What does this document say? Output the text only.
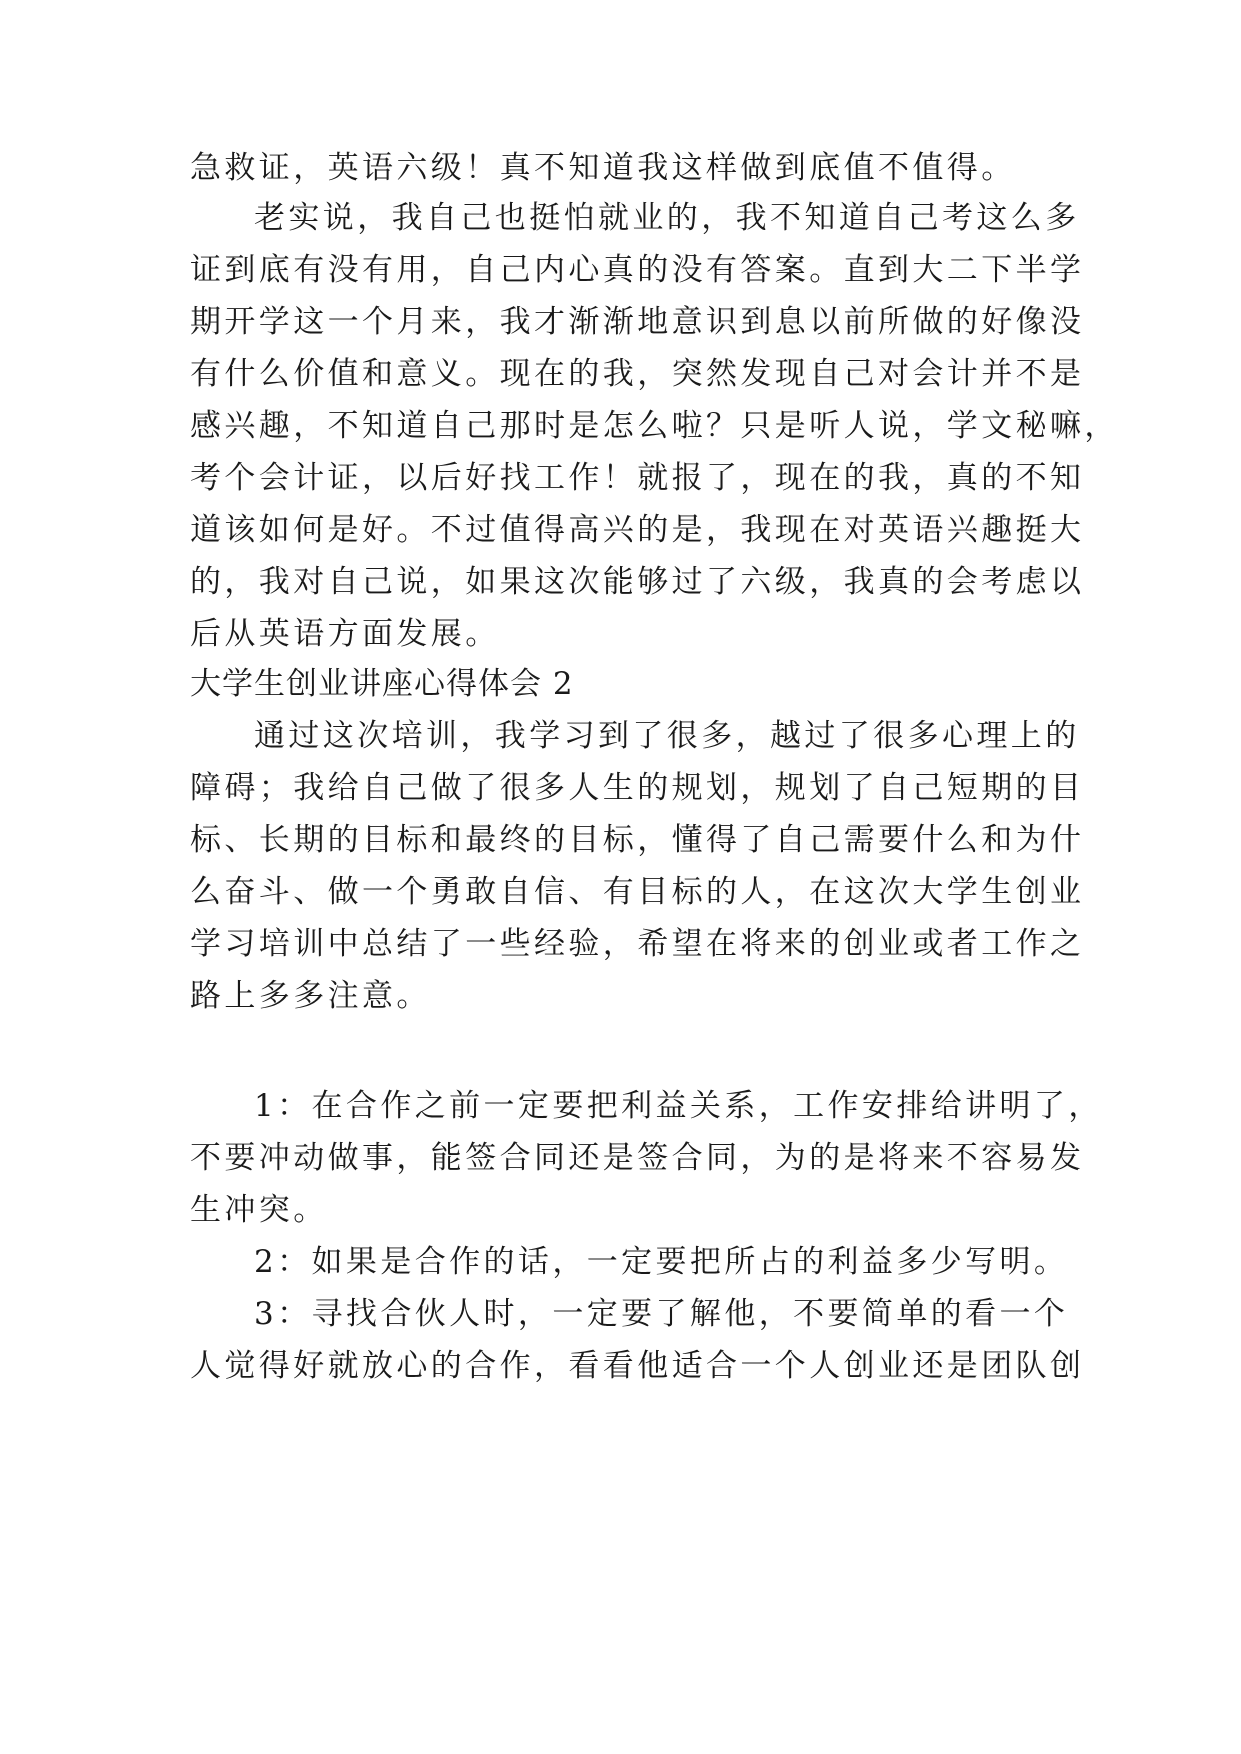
急救证，英语六级！真不知道我这样做到底值不值得。
老实说，我自己也挺怕就业的，我不知道自己考这么多
证到底有没有用，自己内心真的没有答案。直到大二下半学
期开学这一个月来，我才渐渐地意识到息以前所做的好像没
有什么价值和意义。现在的我，突然发现自己对会计并不是
感兴趣，不知道自己那时是怎么啦？只是听人说，学文秘嘛，
考个会计证，以后好找工作！就报了，现在的我，真的不知
道该如何是好。不过值得高兴的是，我现在对英语兴趣挺大
的，我对自己说，如果这次能够过了六级，我真的会考虑以
后从英语方面发展。
大学生创业讲座心得体会 2
通过这次培训，我学习到了很多，越过了很多心理上的
障碍；我给自己做了很多人生的规划，规划了自己短期的目
标、长期的目标和最终的目标，懂得了自己需要什么和为什
么奋斗、做一个勇敢自信、有目标的人，在这次大学生创业
学习培训中总结了一些经验，希望在将来的创业或者工作之
路上多多注意。
1：在合作之前一定要把利益关系，工作安排给讲明了，
不要冲动做事，能签合同还是签合同，为的是将来不容易发
生冲突。
2：如果是合作的话，一定要把所占的利益多少写明。
3：寻找合伙人时，一定要了解他，不要简单的看一个
人觉得好就放心的合作，看看他适合一个人创业还是团队创
